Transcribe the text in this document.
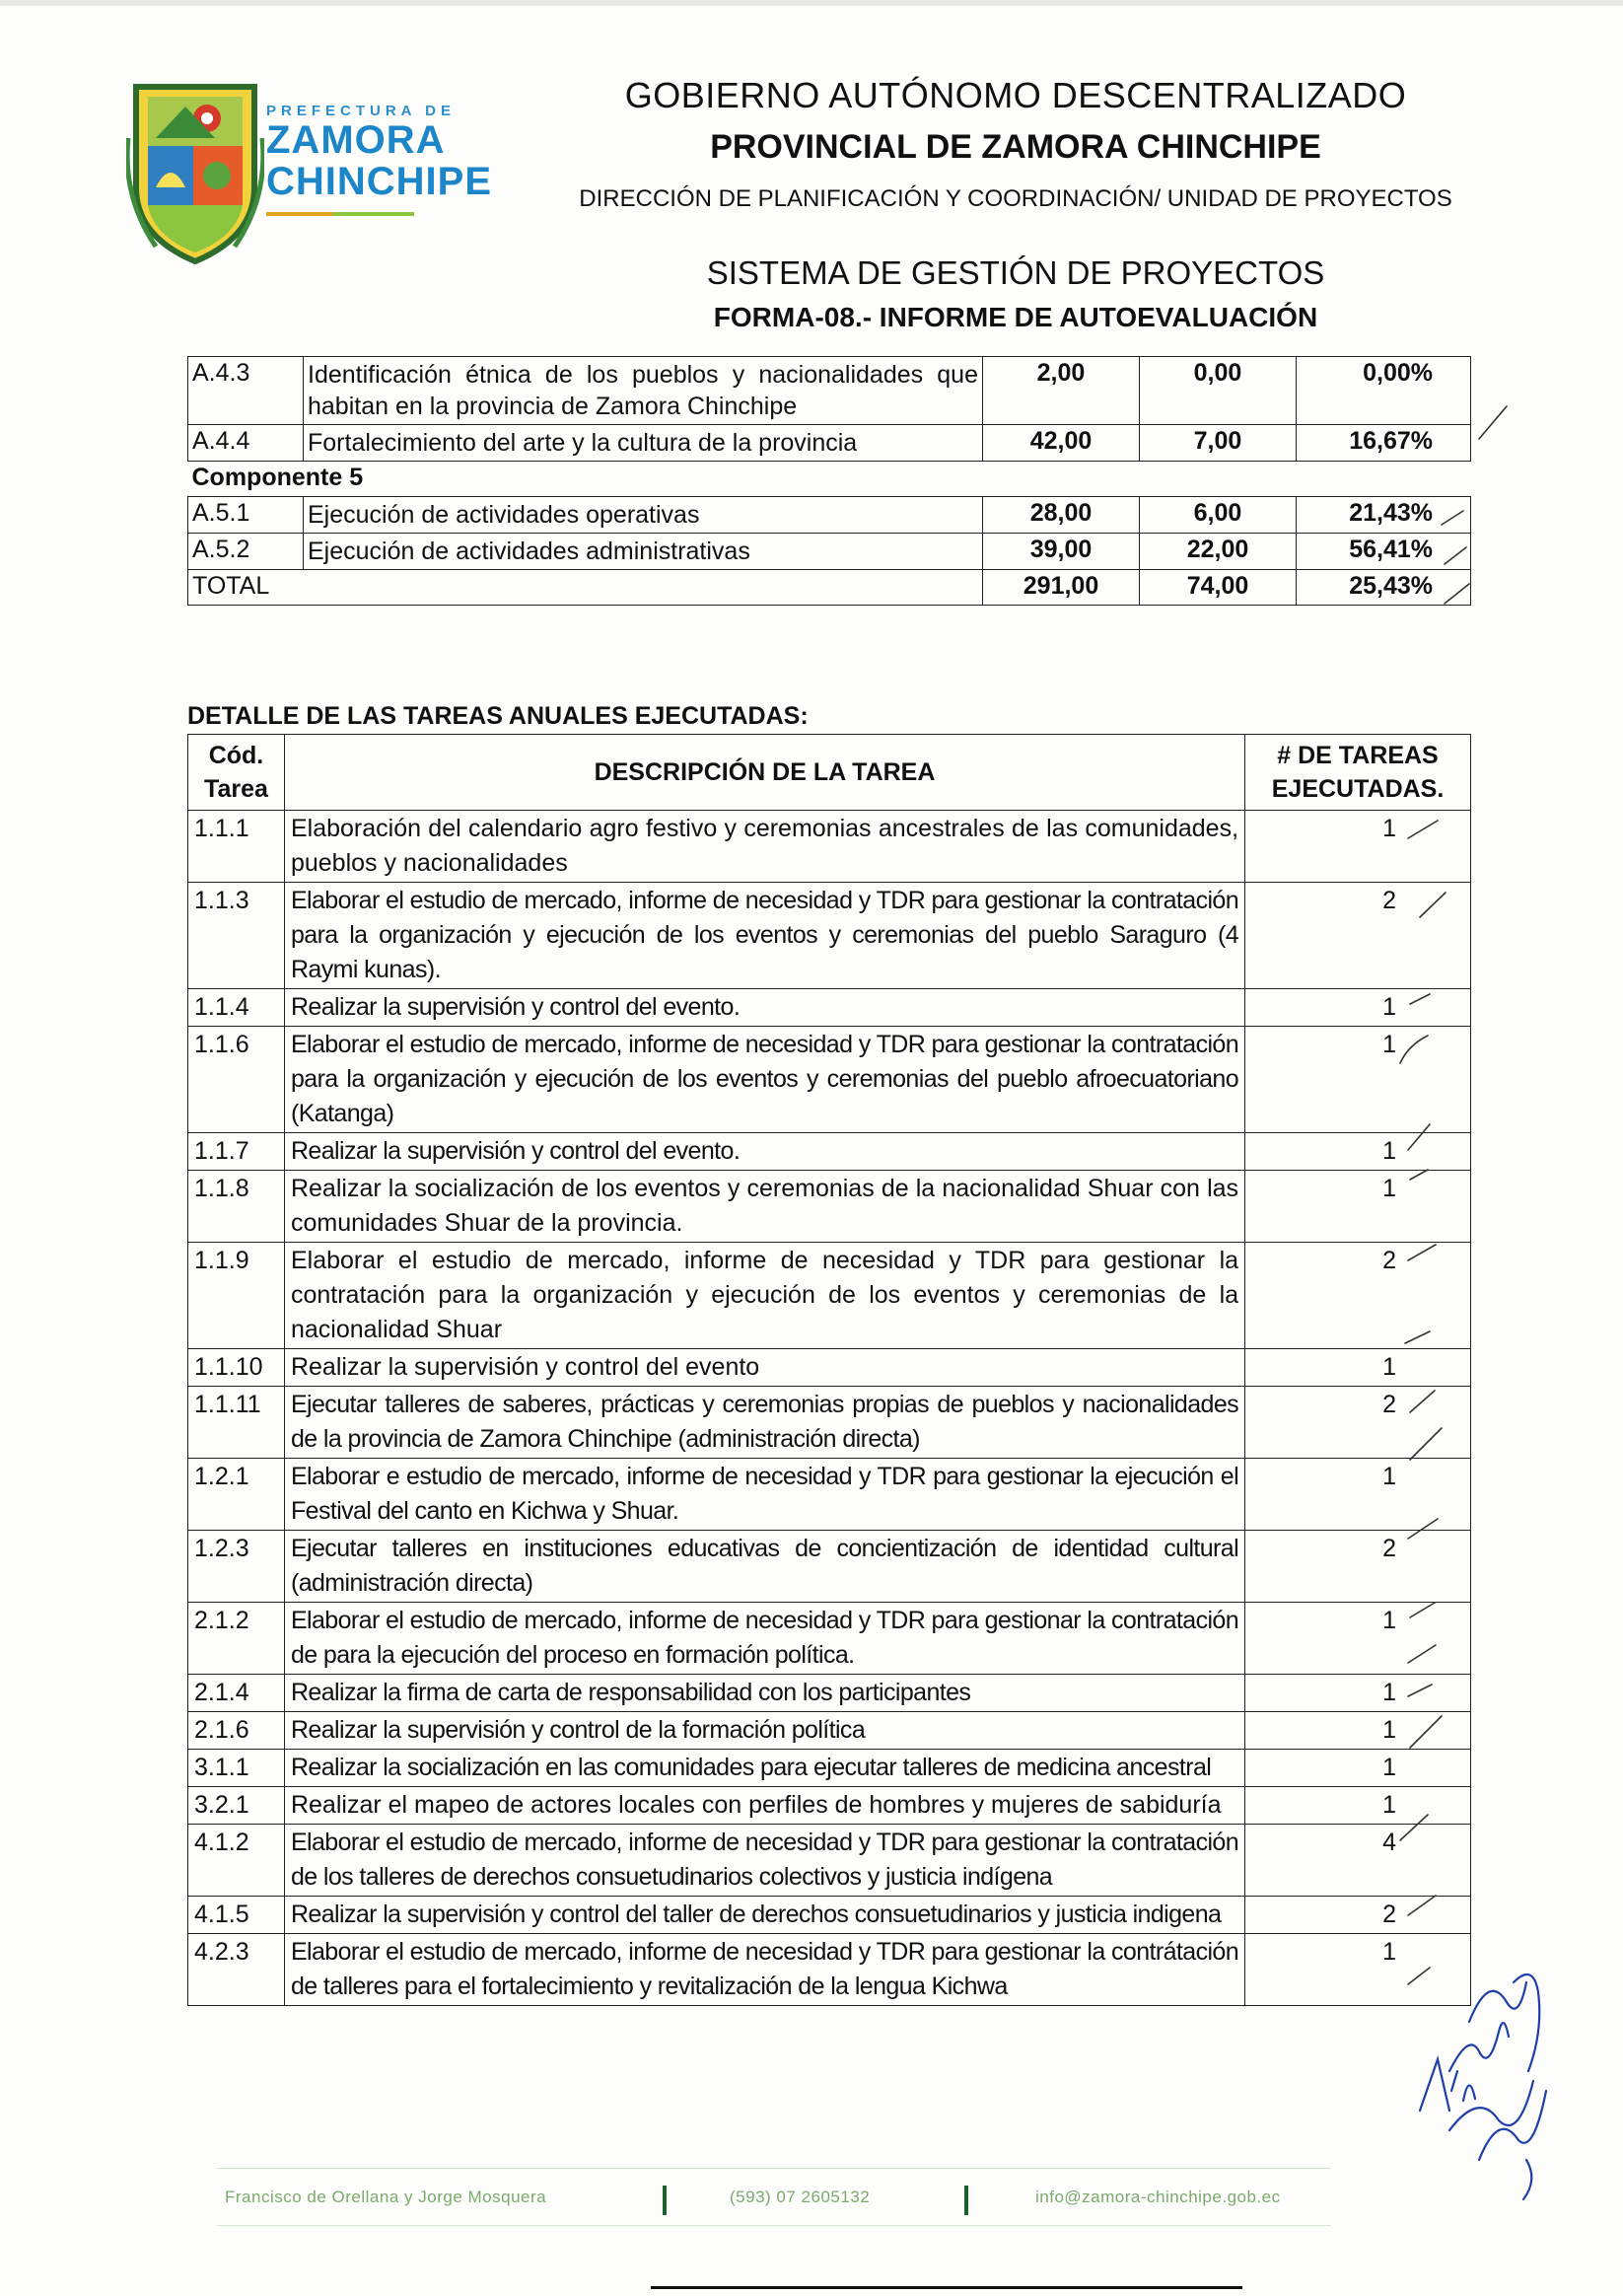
PREFECTURA DE
ZAMORA
CHINCHIPE
GOBIERNO AUTÓNOMO DESCENTRALIZADO
PROVINCIAL DE ZAMORA CHINCHIPE
DIRECCIÓN DE PLANIFICACIÓN Y COORDINACIÓN/ UNIDAD DE PROYECTOS
SISTEMA DE GESTIÓN DE PROYECTOS
FORMA-08.- INFORME DE AUTOEVALUACIÓN
A.4.3	Identificación étnica de los pueblos y nacionalidades que habitan en la provincia de Zamora Chinchipe	2,00	0,00	0,00%
A.4.4	Fortalecimiento del arte y la cultura de la provincia	42,00	7,00	16,67%
Componente 5				
A.5.1	Ejecución de actividades operativas	28,00	6,00	21,43%
A.5.2	Ejecución de actividades administrativas	39,00	22,00	56,41%
TOTAL		291,00	74,00	25,43%
DETALLE DE LAS TAREAS ANUALES EJECUTADAS:
Cód. Tarea	DESCRIPCIÓN DE LA TAREA	# DE TAREAS EJECUTADAS.
1.1.1	Elaboración del calendario agro festivo y ceremonias ancestrales de las comunidades, pueblos y nacionalidades	1
1.1.3	Elaborar el estudio de mercado, informe de necesidad y TDR para gestionar la contratación para la organización y ejecución de los eventos y ceremonias del pueblo Saraguro (4 Raymi kunas).	2
1.1.4	Realizar la supervisión y control del evento.	1
1.1.6	Elaborar el estudio de mercado, informe de necesidad y TDR para gestionar la contratación para la organización y ejecución de los eventos y ceremonias del pueblo afroecuatoriano (Katanga)	1
1.1.7	Realizar la supervisión y control del evento.	1
1.1.8	Realizar la socialización de los eventos y ceremonias de la nacionalidad Shuar con las comunidades Shuar de la provincia.	1
1.1.9	Elaborar el estudio de mercado, informe de necesidad y TDR para gestionar la contratación para la organización y ejecución de los eventos y ceremonias de la nacionalidad Shuar	2
1.1.10	Realizar la supervisión y control del evento	1
1.1.11	Ejecutar talleres de saberes, prácticas y ceremonias propias de pueblos y nacionalidades de la provincia de Zamora Chinchipe (administración directa)	2
1.2.1	Elaborar e estudio de mercado, informe de necesidad y TDR para gestionar la ejecución el Festival del canto en Kichwa y Shuar.	1
1.2.3	Ejecutar talleres en instituciones educativas de concientización de identidad cultural (administración directa)	2
2.1.2	Elaborar el estudio de mercado, informe de necesidad y TDR para gestionar la contratación de para la ejecución del proceso en formación política.	1
2.1.4	Realizar la firma de carta de responsabilidad con los participantes	1
2.1.6	Realizar la supervisión y control de la formación política	1
3.1.1	Realizar la socialización en las comunidades para ejecutar talleres de medicina ancestral	1
3.2.1	Realizar el mapeo de actores locales con perfiles de hombres y mujeres de sabiduría	1
4.1.2	Elaborar el estudio de mercado, informe de necesidad y TDR para gestionar la contratación de los talleres de derechos consuetudinarios colectivos y justicia indígena	4
4.1.5	Realizar la supervisión y control del taller de derechos consuetudinarios y justicia indigena	2
4.2.3	Elaborar el estudio de mercado, informe de necesidad y TDR para gestionar la contrátación de talleres para el fortalecimiento y revitalización de la lengua Kichwa	1
Francisco de Orellana y Jorge Mosquera	(593) 07 2605132	info@zamora-chinchipe.gob.ec
